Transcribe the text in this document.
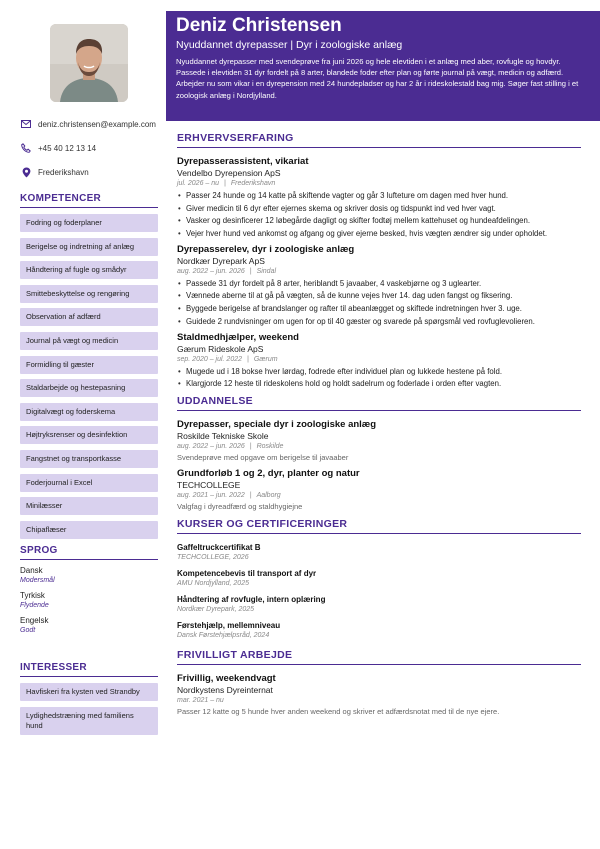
deniz.christensen@example.com
+45 40 12 13 14
Frederikshavn
KOMPETENCER
Fodring og foderplaner
Berigelse og indretning af anlæg
Håndtering af fugle og smådyr
Smittebeskyttelse og rengøring
Observation af adfærd
Journal på vægt og medicin
Formidling til gæster
Staldarbejde og hestepasning
Digitalvægt og foderskema
Højtryksrenser og desinfektion
Fangstnet og transportkasse
Foderjournal i Excel
Minilæsser
Chipaflæser
SPROG
Dansk
Modersmål
Tyrkisk
Flydende
Engelsk
Godt
INTERESSER
Havfiskeri fra kysten ved Strandby
Lydighedstræning med familiens hund
Deniz Christensen
Nyuddannet dyrepasser | Dyr i zoologiske anlæg
Nyuddannet dyrepasser med svendeprøve fra juni 2026 og hele elevtiden i et anlæg med aber, rovfugle og hovdyr. Passede i elevtiden 31 dyr fordelt på 8 arter, blandede foder efter plan og førte journal på vægt, medicin og adfærd. Arbejder nu som vikar i en dyrepension med 24 hundepladser og har 2 år i rideskolestald bag mig. Søger fast stilling i et zoologisk anlæg i Nordjylland.
ERHVERVSERFARING
Dyrepasserassistent, vikariat
Vendelbo Dyrepension ApS
jul. 2026 – nu | Frederikshavn
• Passer 24 hunde og 14 katte på skiftende vagter og går 3 lufteture om dagen med hver hund.
• Giver medicin til 6 dyr efter ejernes skema og skriver dosis og tidspunkt ind ved hver vagt.
• Vasker og desinficerer 12 løbegårde dagligt og skifter fodtøj mellem kattehuset og hundeafdelingen.
• Vejer hver hund ved ankomst og afgang og giver ejerne besked, hvis vægten ændrer sig under opholdet.
Dyrepasserelev, dyr i zoologiske anlæg
Nordkær Dyrepark ApS
aug. 2022 – jun. 2026 | Sindal
• Passede 31 dyr fordelt på 8 arter, heriblandt 5 javaaber, 4 vaskebjørne og 3 uglearter.
• Vænnede aberne til at gå på vægten, så de kunne vejes hver 14. dag uden fangst og fiksering.
• Byggede berigelse af brandslanger og rafter til abeanlægget og skiftede indretningen hver 3. uge.
• Guidede 2 rundvisninger om ugen for op til 40 gæster og svarede på spørgsmål ved rovfuglevolieren.
Staldmedhjælper, weekend
Gærum Rideskole ApS
sep. 2020 – jul. 2022 | Gærum
• Mugede ud i 18 bokse hver lørdag, fodrede efter individuel plan og lukkede hestene på fold.
• Klargjorde 12 heste til rideskolens hold og holdt sadelrum og foderlade i orden efter vagten.
UDDANNELSE
Dyrepasser, speciale dyr i zoologiske anlæg
Roskilde Tekniske Skole
aug. 2022 – jun. 2026 | Roskilde
Svendeprøve med opgave om berigelse til javaaber
Grundforløb 1 og 2, dyr, planter og natur
TECHCOLLEGE
aug. 2021 – jun. 2022 | Aalborg
Valgfag i dyreadfærd og staldhygiejne
KURSER OG CERTIFICERINGER
Gaffeltruckcertifikat B
TECHCOLLEGE, 2026
Kompetencebevis til transport af dyr
AMU Nordjylland, 2025
Håndtering af rovfugle, intern oplæring
Nordkær Dyrepark, 2025
Førstehjælp, mellemniveau
Dansk Førstehjælpsråd, 2024
FRIVILLIGT ARBEJDE
Frivillig, weekendvagt
Nordkystens Dyreinternat
mar. 2021 – nu
Passer 12 katte og 5 hunde hver anden weekend og skriver et adfærdsnotat med til de nye ejere.
